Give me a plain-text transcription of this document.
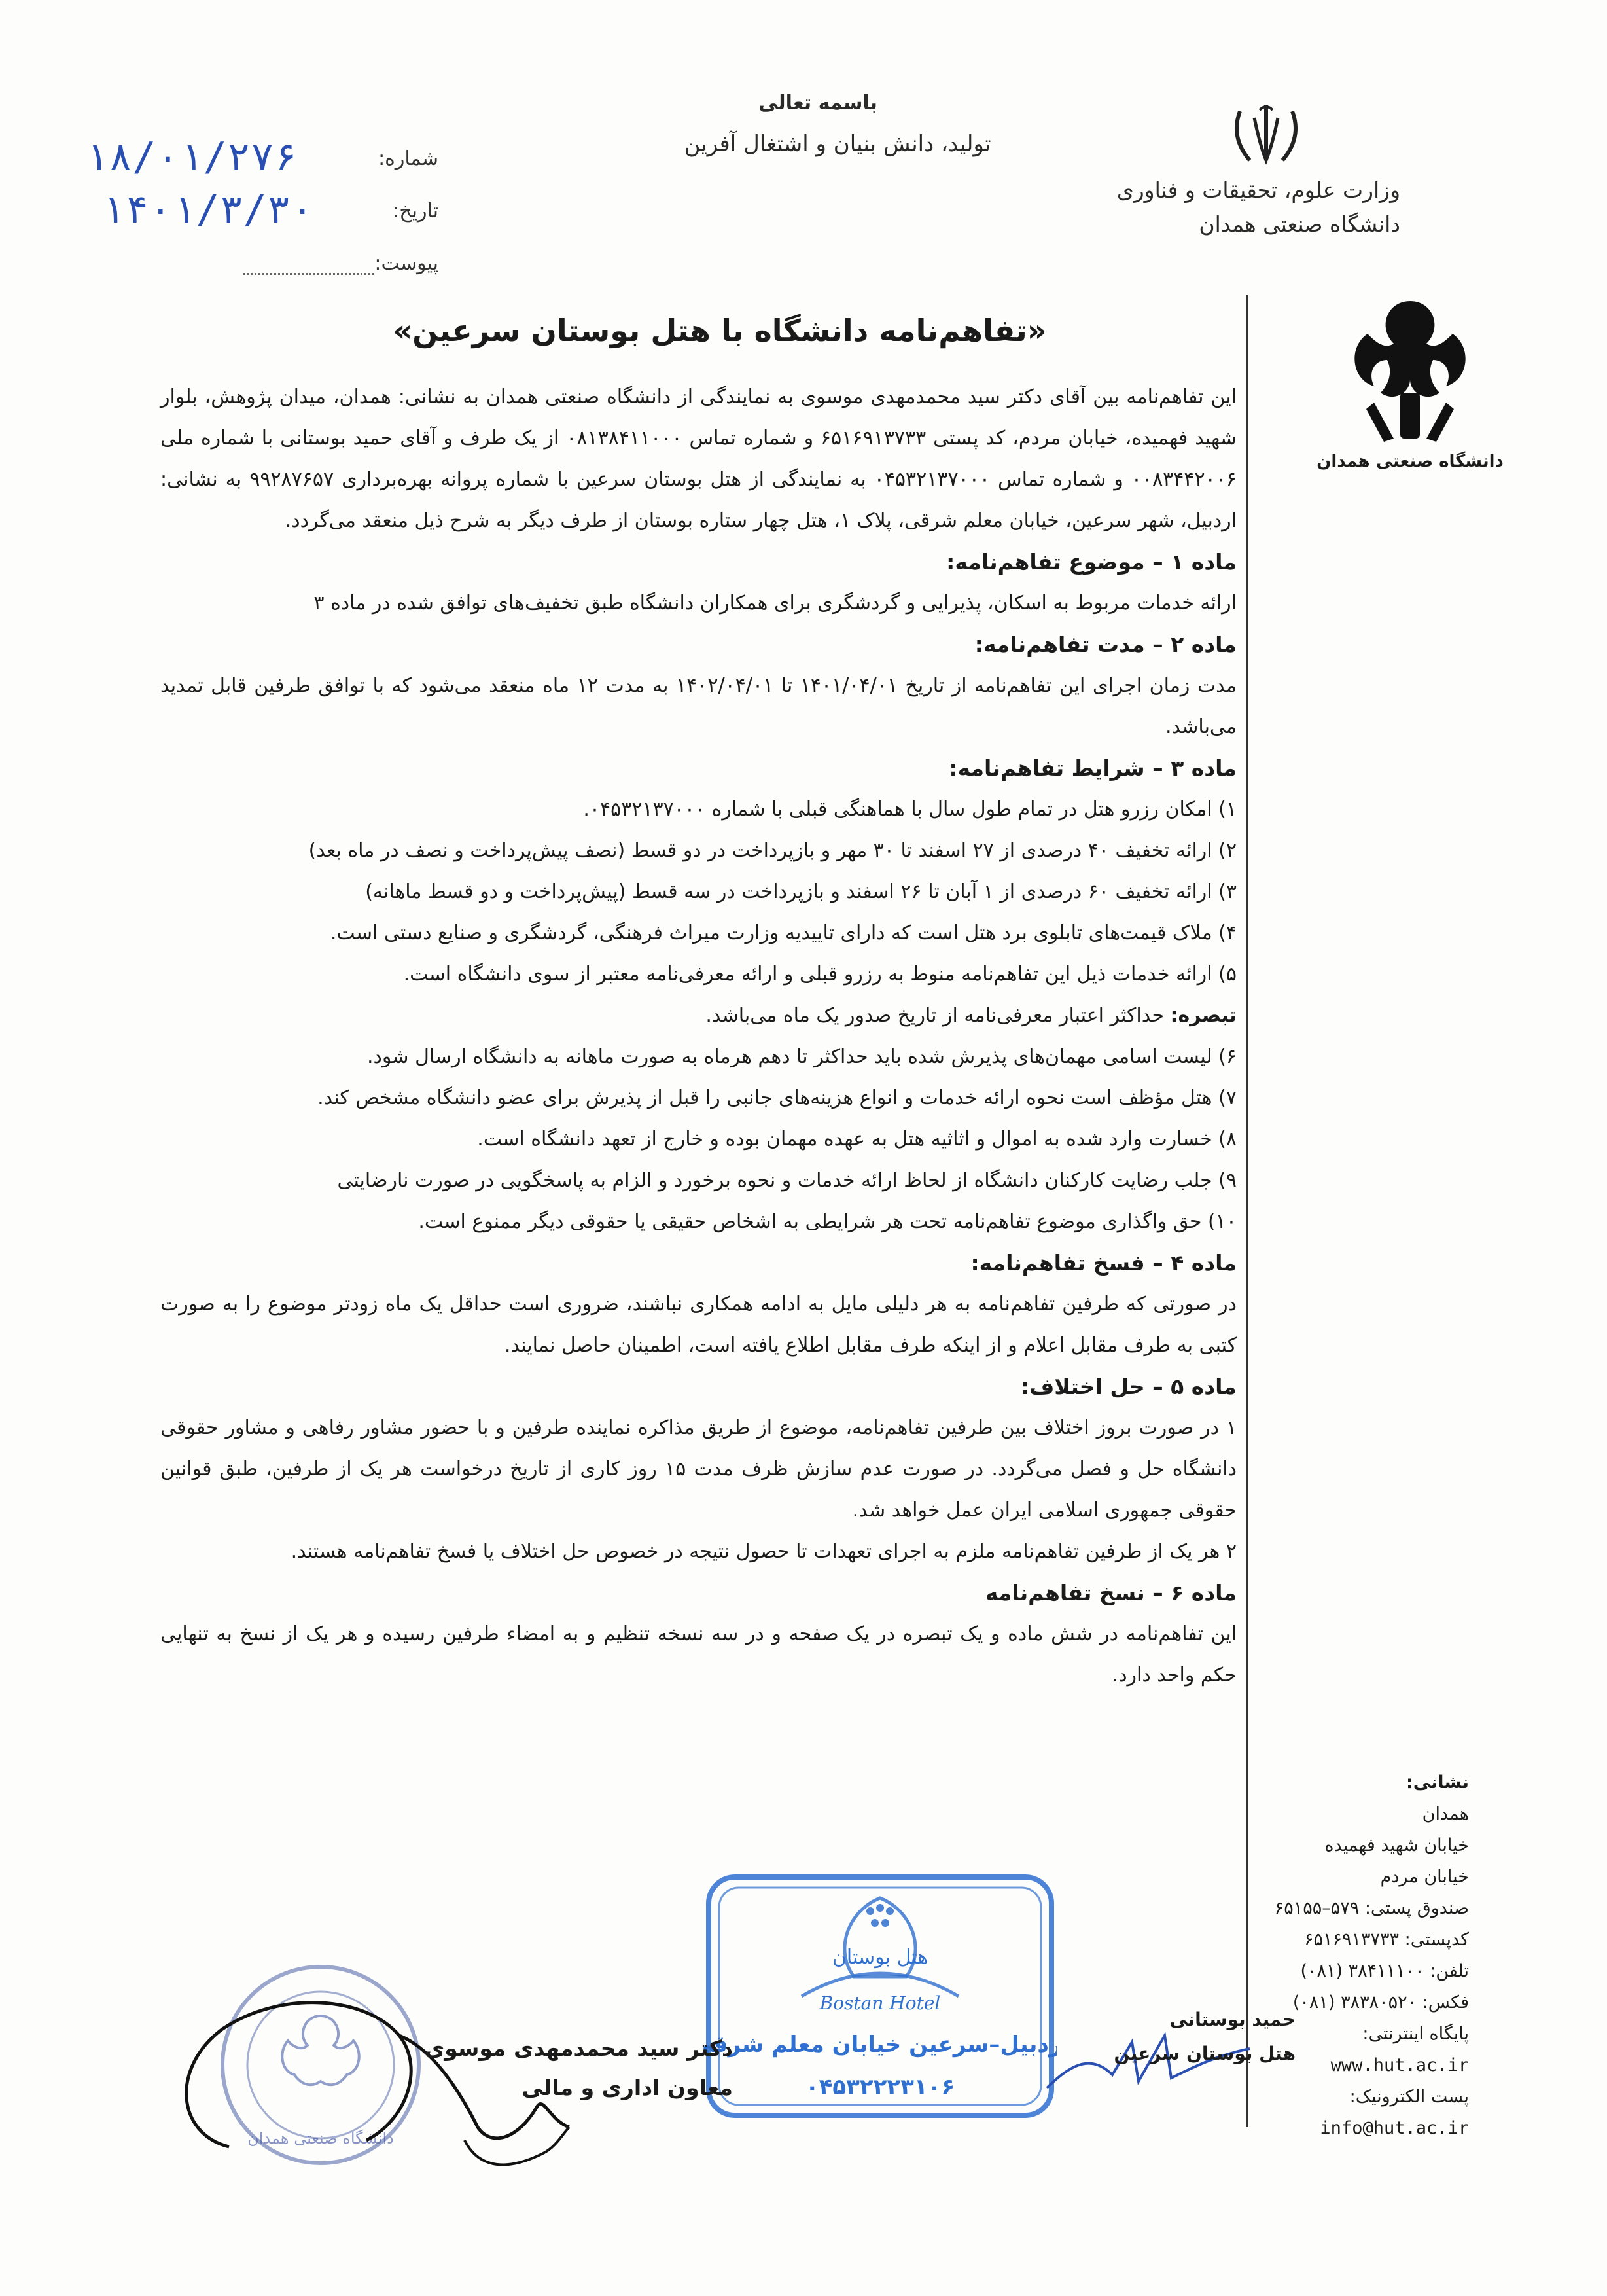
باسمه تعالی
تولید، دانش بنیان و اشتغال آفرین
وزارت علوم، تحقیقات و فناوری
دانشگاه صنعتی همدان
شماره:
۱۸/۰۱/۲۷۶
تاریخ:
۱۴۰۱/۳/۳۰
پیوست:
دانشگاه صنعتی همدان
«تفاهم‌نامه دانشگاه با هتل بوستان سرعین»

این تفاهم‌نامه بین آقای دکتر سید محمدمهدی موسوی به نمایندگی از دانشگاه صنعتی همدان به نشانی: همدان، میدان پژوهش، بلوار شهید فهمیده، خیابان مردم، کد پستی ۶۵۱۶۹۱۳۷۳۳ و شماره تماس ۰۸۱۳۸۴۱۱۰۰۰ از یک طرف و آقای حمید بوستانی با شماره ملی ۰۰۸۳۴۴۲۰۰۶ و شماره تماس ۰۴۵۳۲۱۳۷۰۰۰ به نمایندگی از هتل بوستان سرعین با شماره پروانه بهره‌برداری ۹۹۲۸۷۶۵۷ به نشانی: اردبیل، شهر سرعین، خیابان معلم شرقی، پلاک ۱، هتل چهار ستاره بوستان از طرف دیگر به شرح ذیل منعقد می‌گردد.

ماده ۱ – موضوع تفاهم‌نامه:

ارائه خدمات مربوط به اسکان، پذیرایی و گردشگری برای همکاران دانشگاه طبق تخفیف‌های توافق شده در ماده ۳

ماده ۲ – مدت تفاهم‌نامه:

مدت زمان اجرای این تفاهم‌نامه از تاریخ ۱۴۰۱/۰۴/۰۱ تا ۱۴۰۲/۰۴/۰۱ به مدت ۱۲ ماه منعقد می‌شود که با توافق طرفین قابل تمدید می‌باشد.

ماده ۳ – شرایط تفاهم‌نامه:

۱) امکان رزرو هتل در تمام طول سال با هماهنگی قبلی با شماره ۰۴۵۳۲۱۳۷۰۰۰.

۲) ارائه تخفیف ۴۰ درصدی از ۲۷ اسفند تا ۳۰ مهر و بازپرداخت در دو قسط (نصف پیش‌پرداخت و نصف در ماه بعد)

۳) ارائه تخفیف ۶۰ درصدی از ۱ آبان تا ۲۶ اسفند و بازپرداخت در سه قسط (پیش‌پرداخت و دو قسط ماهانه)

۴) ملاک قیمت‌های تابلوی برد هتل است که دارای تاییدیه وزارت میراث فرهنگی، گردشگری و صنایع دستی است.

۵) ارائه خدمات ذیل این تفاهم‌نامه منوط به رزرو قبلی و ارائه معرفی‌نامه معتبر از سوی دانشگاه است.

تبصره: حداکثر اعتبار معرفی‌نامه از تاریخ صدور یک ماه می‌باشد.

۶) لیست اسامی مهمان‌های پذیرش شده باید حداکثر تا دهم هرماه به صورت ماهانه به دانشگاه ارسال شود.

۷) هتل مؤظف است نحوه ارائه خدمات و انواع هزینه‌های جانبی را قبل از پذیرش برای عضو دانشگاه مشخص کند.

۸) خسارت وارد شده به اموال و اثاثیه هتل به عهده مهمان بوده و خارج از تعهد دانشگاه است.

۹) جلب رضایت کارکنان دانشگاه از لحاظ ارائه خدمات و نحوه برخورد و الزام به پاسخگویی در صورت نارضایتی

۱۰) حق واگذاری موضوع تفاهم‌نامه تحت هر شرایطی به اشخاص حقیقی یا حقوقی دیگر ممنوع است.

ماده ۴ – فسخ تفاهم‌نامه:

در صورتی که طرفین تفاهم‌نامه به هر دلیلی مایل به ادامه همکاری نباشند، ضروری است حداقل یک ماه زودتر موضوع را به صورت کتبی به طرف مقابل اعلام و از اینکه طرف مقابل اطلاع یافته است، اطمینان حاصل نمایند.

ماده ۵ – حل اختلاف:

۱ در صورت بروز اختلاف بین طرفین تفاهم‌نامه، موضوع از طریق مذاکره نماینده طرفین و با حضور مشاور رفاهی و مشاور حقوقی دانشگاه حل و فصل می‌گردد. در صورت عدم سازش ظرف مدت ۱۵ روز کاری از تاریخ درخواست هر یک از طرفین، طبق قوانین حقوقی جمهوری اسلامی ایران عمل خواهد شد.

۲ هر یک از طرفین تفاهم‌نامه ملزم به اجرای تعهدات تا حصول نتیجه در خصوص حل اختلاف یا فسخ تفاهم‌نامه هستند.

ماده ۶ – نسخ تفاهم‌نامه

این تفاهم‌نامه در شش ماده و یک تبصره در یک صفحه و در سه نسخه تنظیم و به امضاء طرفین رسیده و هر یک از نسخ به تنهایی حکم واحد دارد.

نشانی:
همدان
خیابان شهید فهمیده
خیابان مردم
صندوق پستی: ۵۷۹–۶۵۱۵۵
کدپستی: ۶۵۱۶۹۱۳۷۳۳
تلفن: ۳۸۴۱۱۱۰۰ (۰۸۱)
فکس: ۳۸۳۸۰۵۲۰ (۰۸۱)
پایگاه اینترنتی:
www.hut.ac.ir
پست الکترونیک:
info@hut.ac.ir
هتل بوستان
Bostan Hotel
اردبیل–سرعین خیابان معلم شرقی
۰۴۵۳۲۲۲۳۱۰۶
دانشگاه صنعتی همدان
حمید بوستانی
هتل بوستان سرعین
دکتر سید محمدمهدی موسوی
معاون اداری و مالی
